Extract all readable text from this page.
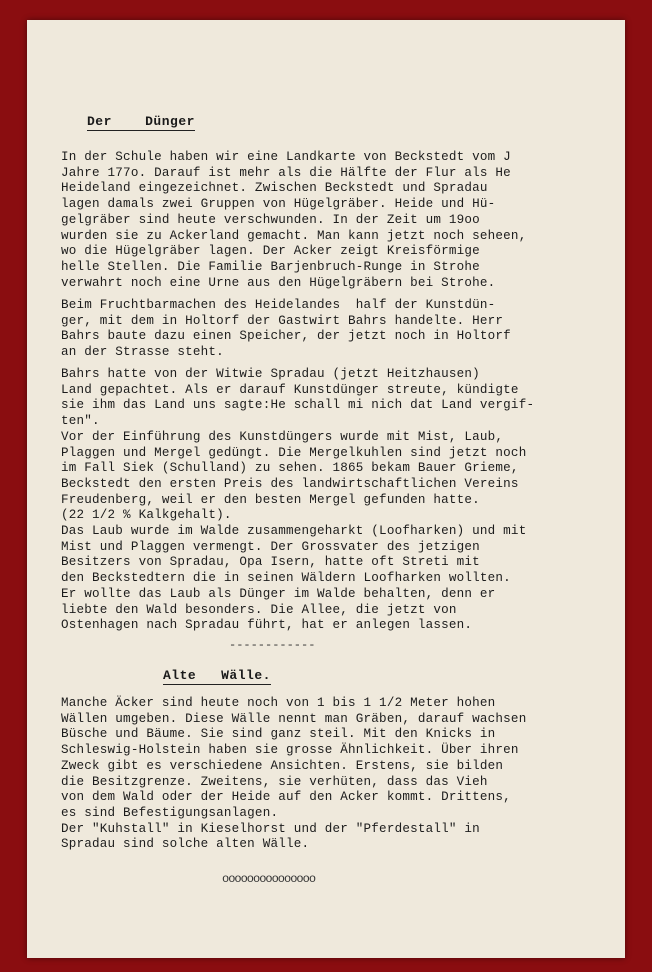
Der    Dünger
In der Schule haben wir eine Landkarte von Beckstedt vom J
Jahre 177o. Darauf ist mehr als die Hälfte der Flur als He
Heideland eingezeichnet. Zwischen Beckstedt und Spradau
lagen damals zwei Gruppen von Hügelgräber. Heide und Hü-
gelgräber sind heute verschwunden. In der Zeit um 19oo
wurden sie zu Ackerland gemacht. Man kann jetzt noch seheen,
wo die Hügelgräber lagen. Der Acker zeigt Kreisförmige
helle Stellen. Die Familie Barjenbruch-Runge in Strohe
verwahrt noch eine Urne aus den Hügelgräbern bei Strohe.
Beim Fruchtbarmachen des Heidelandes  half der Kunstdün-
ger, mit dem in Holtorf der Gastwirt Bahrs handelte. Herr
Bahrs baute dazu einen Speicher, der jetzt noch in Holtorf
an der Strasse steht.
Bahrs hatte von der Witwie Spradau (jetzt Heitzhausen)
Land gepachtet. Als er darauf Kunstdünger streute, kündigte
sie ihm das Land uns sagte:He schall mi nich dat Land vergif-
ten".
Vor der Einführung des Kunstdüngers wurde mit Mist, Laub,
Plaggen und Mergel gedüngt. Die Mergelkuhlen sind jetzt noch
im Fall Siek (Schulland) zu sehen. 1865 bekam Bauer Grieme,
Beckstedt den ersten Preis des landwirtschaftlichen Vereins
Freudenberg, weil er den besten Mergel gefunden hatte.
(22 1/2 % Kalkgehalt).
Das Laub wurde im Walde zusammengeharkt (Loofharken) und mit
Mist und Plaggen vermengt. Der Grossvater des jetzigen
Besitzers von Spradau, Opa Isern, hatte oft Streti mit
den Beckstedtern die in seinen Wäldern Loofharken wollten.
Er wollte das Laub als Dünger im Walde behalten, denn er
liebte den Wald besonders. Die Allee, die jetzt von
Ostenhagen nach Spradau führt, hat er anlegen lassen.
------------
Alte   Wälle.
Manche Äcker sind heute noch von 1 bis 1 1/2 Meter hohen
Wällen umgeben. Diese Wälle nennt man Gräben, darauf wachsen
Büsche und Bäume. Sie sind ganz steil. Mit den Knicks in
Schleswig-Holstein haben sie grosse Ähnlichkeit. Über ihren
Zweck gibt es verschiedene Ansichten. Erstens, sie bilden
die Besitzgrenze. Zweitens, sie verhüten, dass das Vieh
von dem Wald oder der Heide auf den Acker kommt. Drittens,
es sind Befestigungsanlagen.
Der "Kuhstall" in Kieselhorst und der "Pferdestall" in
Spradau sind solche alten Wälle.
ooooooooooooooo
